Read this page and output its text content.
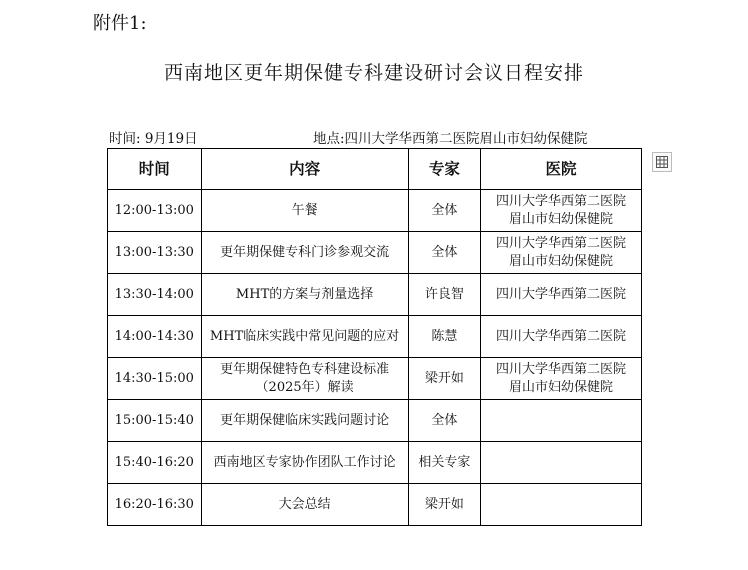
附件1:
西南地区更年期保健专科建设研讨会议日程安排
时间: 9月19日	地点:四川大学华西第二医院眉山市妇幼保健院
时间	内容	专家	医院
12:00-13:00	午餐	全体	四川大学华西第二医院
眉山市妇幼保健院

13:00-13:30	更年期保健专科门诊参观交流	全体	四川大学华西第二医院
眉山市妇幼保健院

13:30-14:00	MHT的方案与剂量选择	许良智	四川大学华西第二医院

14:00-14:30	MHT临床实践中常见问题的应对	陈慧	四川大学华西第二医院

14:30-15:00	更年期保健特色专科建设标准（2025年）解读	梁开如	四川大学华西第二医院
眉山市妇幼保健院

15:00-15:40	更年期保健临床实践问题讨论	全体	
15:40-16:20	西南地区专家协作团队工作讨论	相关专家	
16:20-16:30	大会总结	梁开如	
